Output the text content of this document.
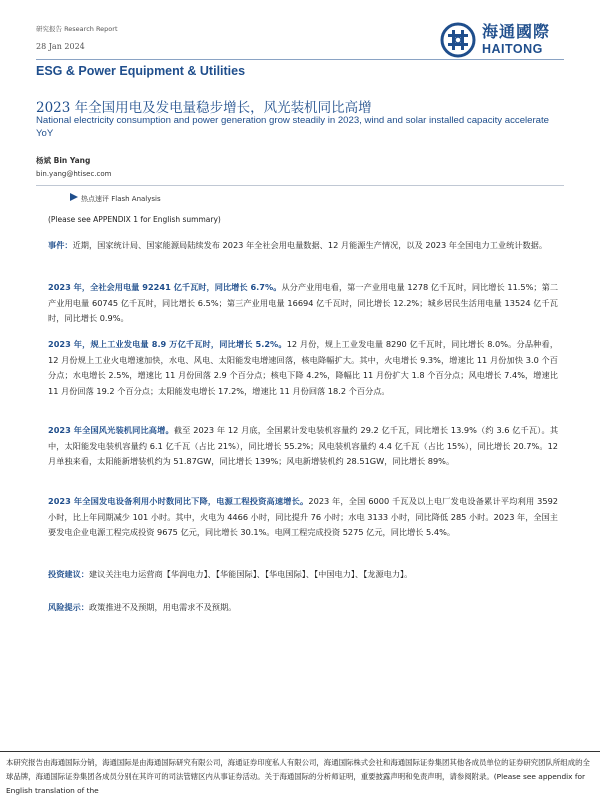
研究报告 Research Report
28 Jan 2024
海通國際
HAITONG
ESG & Power Equipment & Utilities
2023 年全国用电及发电量稳步增长，风光装机同比高增
National electricity consumption and power generation grow steadily in 2023, wind and solar installed capacity accelerate YoY
杨斌 Bin Yang
bin.yang@htisec.com
热点速评 Flash Analysis
(Please see APPENDIX 1 for English summary)
事件：近期，国家统计局、国家能源局陆续发布 2023 年全社会用电量数据、12 月能源生产情况，以及 2023 年全国电力工业统计数据。
2023 年，全社会用电量 92241 亿千瓦时，同比增长 6.7%。从分产业用电看，第一产业用电量 1278 亿千瓦时，同比增长 11.5%；第二产业用电量 60745 亿千瓦时，同比增长 6.5%；第三产业用电量 16694 亿千瓦时，同比增长 12.2%；城乡居民生活用电量 13524 亿千瓦时，同比增长 0.9%。
2023 年，规上工业发电量 8.9 万亿千瓦时，同比增长 5.2%。12 月份，规上工业发电量 8290 亿千瓦时，同比增长 8.0%。分品种看，12 月份规上工业火电增速加快，水电、风电、太阳能发电增速回落，核电降幅扩大。其中，火电增长 9.3%，增速比 11 月份加快 3.0 个百分点；水电增长 2.5%，增速比 11 月份回落 2.9 个百分点；核电下降 4.2%，降幅比 11 月份扩大 1.8 个百分点；风电增长 7.4%，增速比 11 月份回落 19.2 个百分点；太阳能发电增长 17.2%，增速比 11 月份回落 18.2 个百分点。
2023 年全国风光装机同比高增。截至 2023 年 12 月底，全国累计发电装机容量约 29.2 亿千瓦，同比增长 13.9%（约 3.6 亿千瓦）。其中，太阳能发电装机容量约 6.1 亿千瓦（占比 21%），同比增长 55.2%；风电装机容量约 4.4 亿千瓦（占比 15%），同比增长 20.7%。12 月单独来看，太阳能新增装机约为 51.87GW，同比增长 139%；风电新增装机约 28.51GW，同比增长 89%。
2023 年全国发电设备利用小时数同比下降，电源工程投资高速增长。2023 年，全国 6000 千瓦及以上电厂发电设备累计平均利用 3592 小时，比上年同期减少 101 小时。其中，火电为 4466 小时，同比提升 76 小时；水电 3133 小时，同比降低 285 小时。2023 年，全国主要发电企业电源工程完成投资 9675 亿元，同比增长 30.1%。电网工程完成投资 5275 亿元，同比增长 5.4%。
投资建议：建议关注电力运营商【华润电力】、【华能国际】、【华电国际】、【中国电力】、【龙源电力】。
风险提示：政策推进不及预期，用电需求不及预期。
本研究报告由海通国际分销，海通国际是由海通国际研究有限公司，海通证券印度私人有限公司，海通国际株式会社和海通国际证券集团其他各成员单位的证券研究团队所组成的全球品牌，海通国际证券集团各成员分别在其许可的司法管辖区内从事证券活动。关于海通国际的分析师证明，重要披露声明和免责声明，请参阅附录。(Please see appendix for English translation of the
